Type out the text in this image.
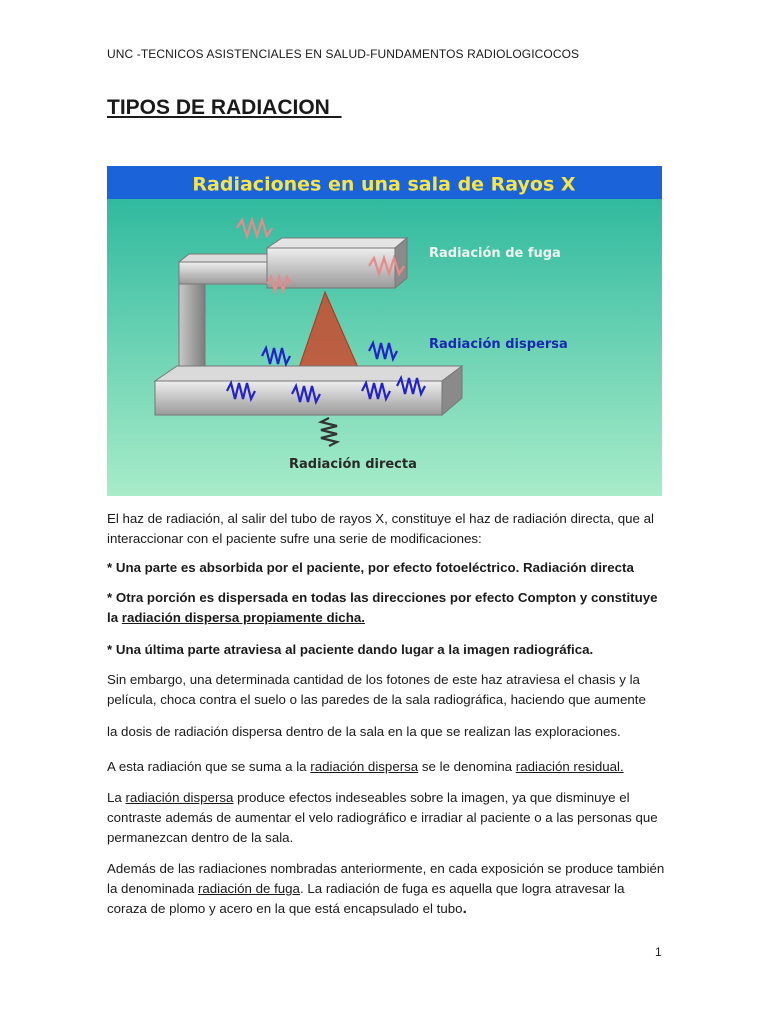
UNC -TECNICOS ASISTENCIALES EN SALUD-FUNDAMENTOS RADIOLOGICOCOS
TIPOS DE RADIACION
Radiaciones en una sala de Rayos X
Radiación de fuga
Radiación dispersa
Radiación directa

El haz de radiación, al salir del tubo de rayos X, constituye el haz de radiación directa, que al interaccionar con el paciente sufre una serie de modificaciones:

* Una parte es absorbida por el paciente, por efecto fotoeléctrico. Radiación directa

* Otra porción es dispersada en todas las direcciones por efecto Compton y constituye la radiación dispersa propiamente dicha.

* Una última parte atraviesa al paciente dando lugar a la imagen radiográfica.

Sin embargo, una determinada cantidad de los fotones de este haz atraviesa el chasis y la película, choca contra el suelo o las paredes de la sala radiográfica, haciendo que aumente

la dosis de radiación dispersa dentro de la sala en la que se realizan las exploraciones.

A esta radiación que se suma a la radiación dispersa se le denomina radiación residual.

La radiación dispersa produce efectos indeseables sobre la imagen, ya que disminuye el contraste además de aumentar el velo radiográfico e irradiar al paciente o a las personas que permanezcan dentro de la sala.

Además de las radiaciones nombradas anteriormente, en cada exposición se produce también la denominada radiación de fuga. La radiación de fuga es aquella que logra atravesar la coraza de plomo y acero en la que está encapsulado el tubo.

1
